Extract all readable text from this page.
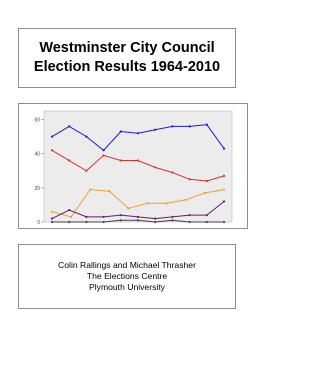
Westminster City Council
Election Results 1964-2010
0
20
40
60
Colin Rallings and Michael Thrasher
The Elections Centre
Plymouth University
